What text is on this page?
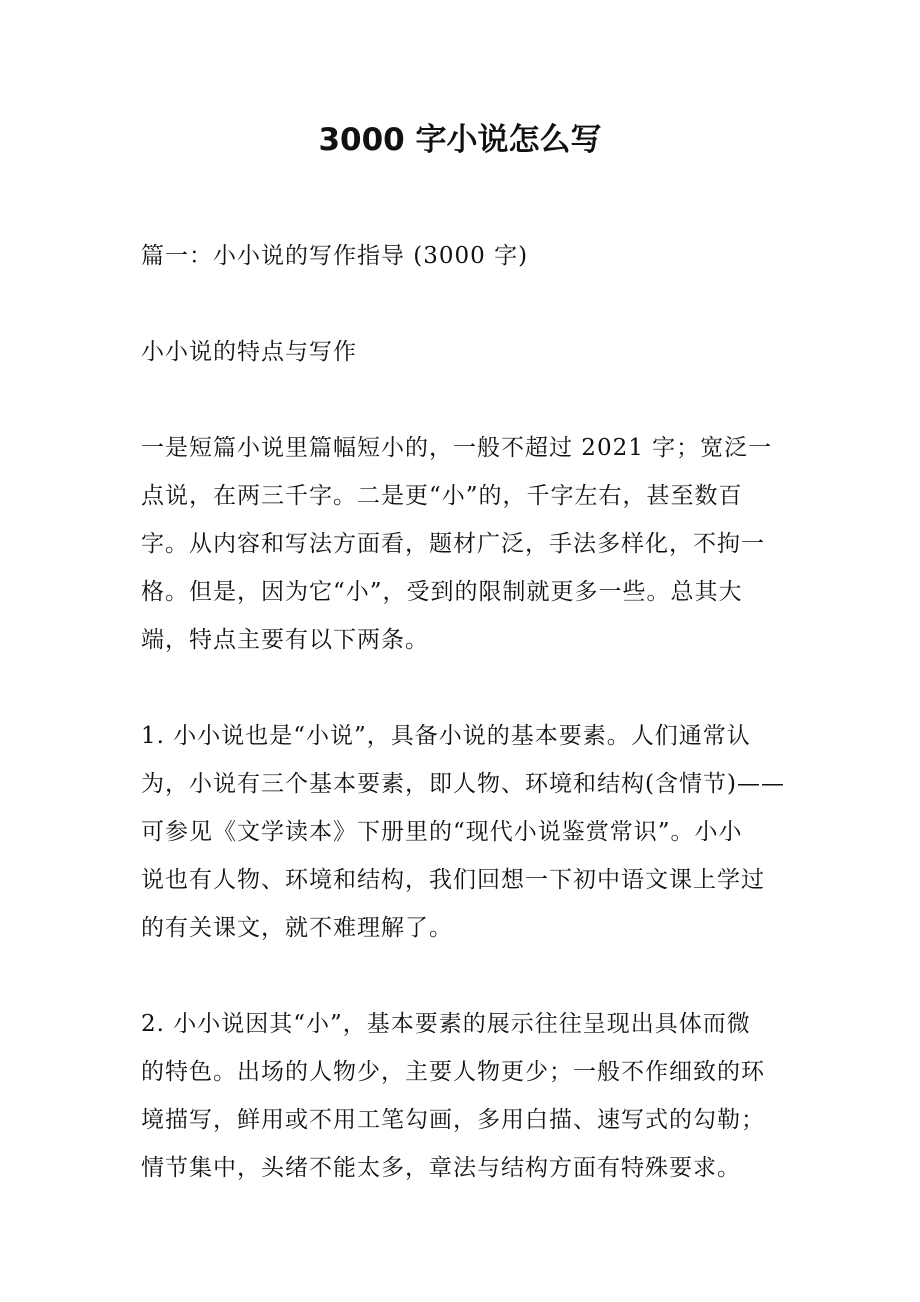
3000 字小说怎么写

篇一：小小说的写作指导 (3000 字)

小小说的特点与写作

一是短篇小说里篇幅短小的，一般不超过 2021 字；宽泛一
点说，在两三千字。二是更“小”的，千字左右，甚至数百
字。从内容和写法方面看，题材广泛，手法多样化，不拘一
格。但是，因为它“小”，受到的限制就更多一些。总其大
端，特点主要有以下两条。

1. 小小说也是“小说”，具备小说的基本要素。人们通常认
为，小说有三个基本要素，即人物、环境和结构(含情节)——
可参见《文学读本》下册里的“现代小说鉴赏常识”。小小
说也有人物、环境和结构，我们回想一下初中语文课上学过
的有关课文，就不难理解了。

2. 小小说因其“小”，基本要素的展示往往呈现出具体而微
的特色。出场的人物少，主要人物更少；一般不作细致的环
境描写，鲜用或不用工笔勾画，多用白描、速写式的勾勒；
情节集中，头绪不能太多，章法与结构方面有特殊要求。
